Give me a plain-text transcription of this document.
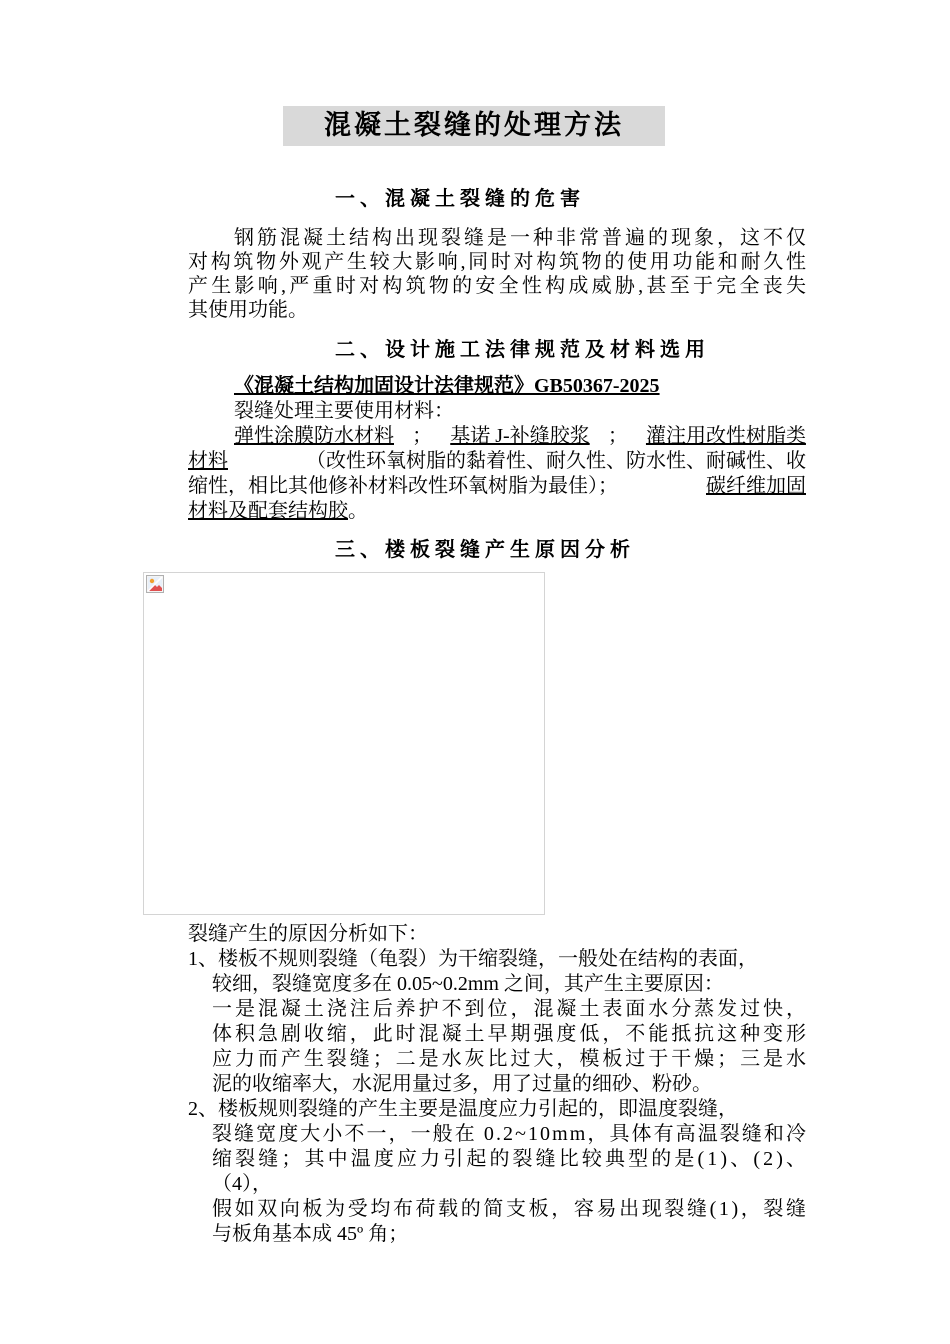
混凝土裂缝的处理方法
一、混凝土裂缝的危害
钢筋混凝土结构出现裂缝是一种非常普遍的现象，这不仅
对构筑物外观产生较大影响,同时对构筑物的使用功能和耐久性
产生影响,严重时对构筑物的安全性构成威胁,甚至于完全丧失
其使用功能。
二、设计施工法律规范及材料选用
《混凝土结构加固设计法律规范》GB50367-2025
裂缝处理主要使用材料：
弹性涂膜防水材料 ； 基诺 J-补缝胶浆 ； 灌注用改性树脂类
材料	（改性环氧树脂的黏着性、耐久性、防水性、耐碱性、收
缩性，相比其他修补材料改性环氧树脂为最佳）；	碳纤维加固
材料及配套结构胶。
三、楼板裂缝产生原因分析
裂缝产生的原因分析如下：
1、楼板不规则裂缝（龟裂）为干缩裂缝，一般处在结构的表面，
较细，裂缝宽度多在 0.05~0.2mm 之间，其产生主要原因：
一是混凝土浇注后养护不到位，混凝土表面水分蒸发过快，
体积急剧收缩，此时混凝土早期强度低，不能抵抗这种变形
应力而产生裂缝；二是水灰比过大，模板过于干燥；三是水
泥的收缩率大，水泥用量过多，用了过量的细砂、粉砂。
2、楼板规则裂缝的产生主要是温度应力引起的，即温度裂缝，
裂缝宽度大小不一，一般在 0.2~10mm，具体有高温裂缝和冷
缩裂缝；其中温度应力引起的裂缝比较典型的是(1)、(2)、
（4），
假如双向板为受均布荷载的简支板，容易出现裂缝(1)，裂缝
与板角基本成 45º 角；
